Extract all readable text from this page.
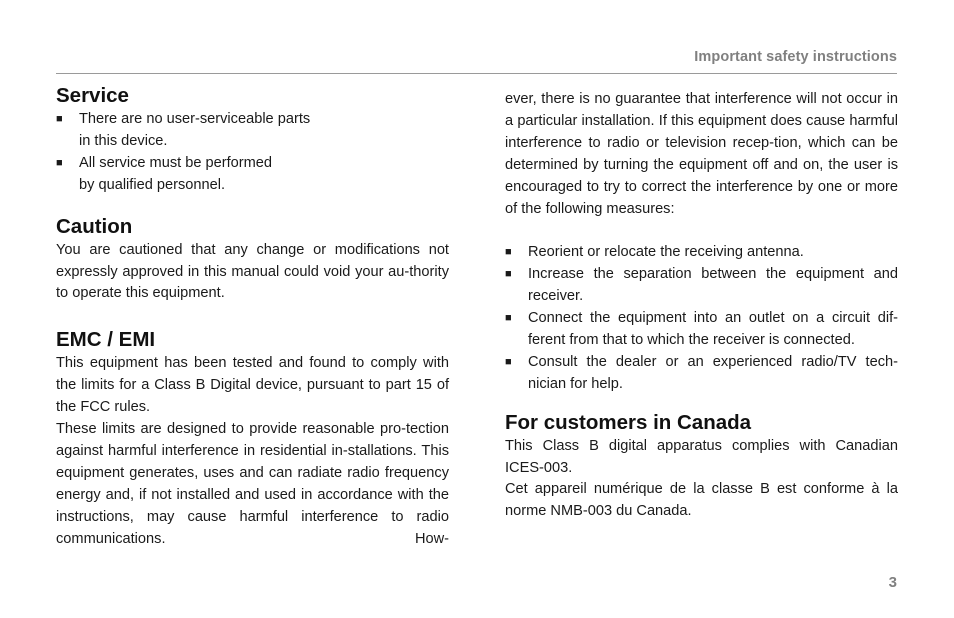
Important safety instructions
Service
■ There are no user-serviceable parts
in this device.
■ All service must be performed
by qualified personnel.
Caution

You are cautioned that any change or modifications not expressly approved in this manual could void your au-thority to operate this equipment.

EMC / EMI

This equipment has been tested and found to comply with the limits for a Class B Digital device, pursuant to part 15 of the FCC rules.

These limits are designed to provide reasonable pro-tection against harmful interference in residential in-stallations. This equipment generates, uses and can radiate radio frequency energy and, if not installed and used in accordance with the instructions, may cause harmful interference to radio communications. How-

ever, there is no guarantee that interference will not occur in a particular installation. If this equipment does cause harmful interference to radio or television recep-tion, which can be determined by turning the equipment off and on, the user is encouraged to try to correct the interference by one or more of the following measures:

■ Reorient or relocate the receiving antenna.
■ Increase the separation between the equipment and receiver.
■ Connect the equipment into an outlet on a circuit dif-ferent from that to which the receiver is connected.
■ Consult the dealer or an experienced radio/TV tech-nician for help.
For customers in Canada

This Class B digital apparatus complies with Canadian ICES-003.

Cet appareil numérique de la classe B est conforme à la norme NMB-003 du Canada.

3
